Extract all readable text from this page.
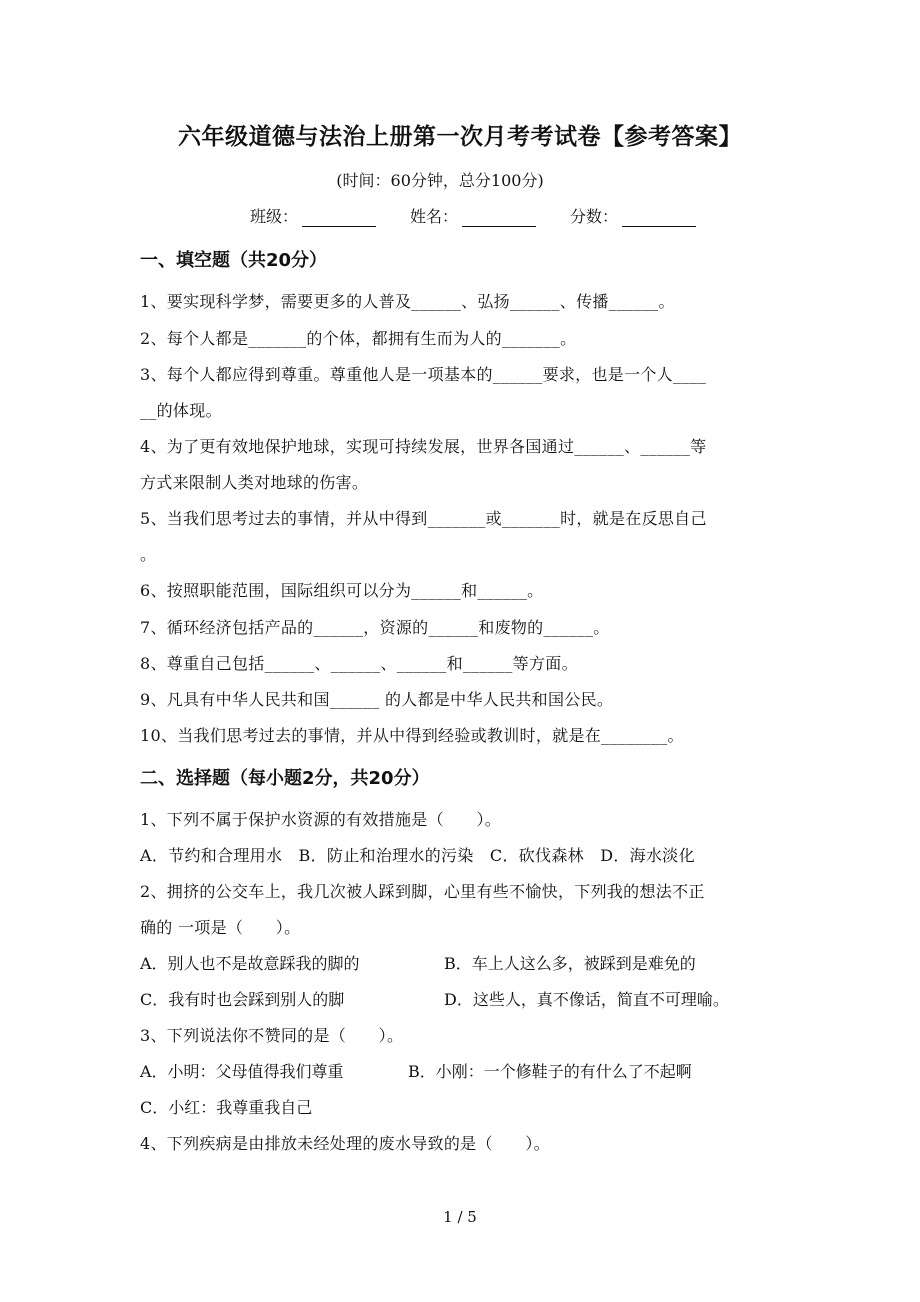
六年级道德与法治上册第一次月考考试卷【参考答案】
(时间：60分钟，总分100分)
班级：	姓名：	分数：
一、填空题（共20分）
1、要实现科学梦，需要更多的人普及______、弘扬______、传播______。
2、每个人都是_______的个体，都拥有生而为人的_______。
3、每个人都应得到尊重。尊重他人是一项基本的______要求，也是一个人____
__的体现。
4、为了更有效地保护地球，实现可持续发展，世界各国通过______、______等
方式来限制人类对地球的伤害。
5、当我们思考过去的事情，并从中得到_______或_______时，就是在反思自己
。
6、按照职能范围，国际组织可以分为______和______。
7、循环经济包括产品的______，资源的______和废物的______。
8、尊重自己包括______、______、______和______等方面。
9、凡具有中华人民共和国______ 的人都是中华人民共和国公民。
10、当我们思考过去的事情，并从中得到经验或教训时，就是在________。
二、选择题（每小题2分，共20分）
1、下列不属于保护水资源的有效措施是（　　）。
A．节约和合理用水　B．防止和治理水的污染　C．砍伐森林　D．海水淡化
2、拥挤的公交车上，我几次被人踩到脚，心里有些不愉快，下列我的想法不正
确的 一项是（　　）。
A．别人也不是故意踩我的脚的	B．车上人这么多，被踩到是难免的
C．我有时也会踩到别人的脚	D．这些人，真不像话，简直不可理喻。
3、下列说法你不赞同的是（　　）。
A．小明：父母值得我们尊重	B．小刚：一个修鞋子的有什么了不起啊
C．小红：我尊重我自己
4、下列疾病是由排放未经处理的废水导致的是（　　）。
1 / 5
